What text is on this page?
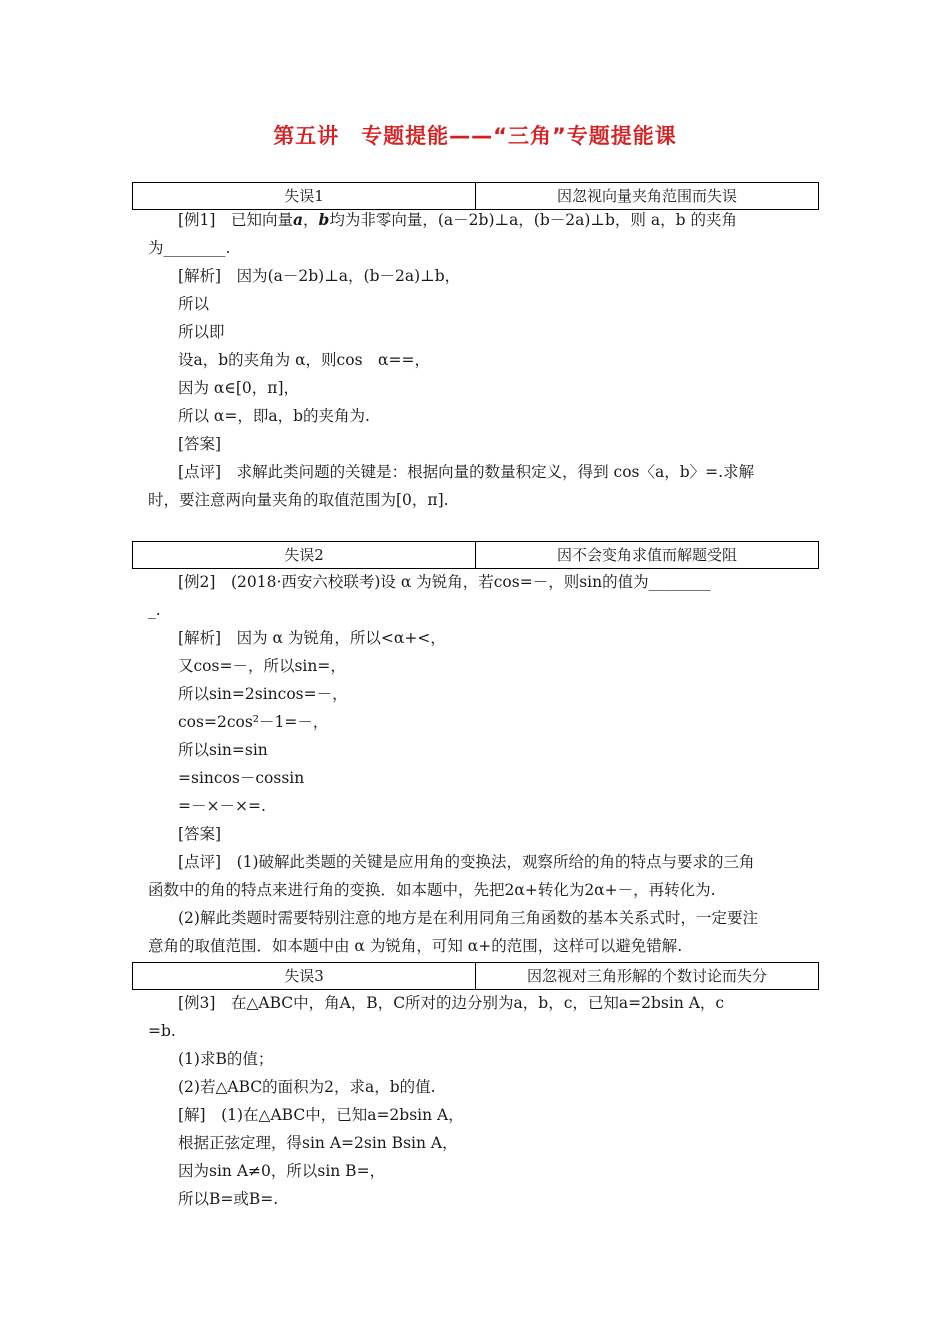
第五讲　专题提能——“三角”专题提能课
失误1	因忽视向量夹角范围而失误
[例1]　已知向量a，b均为非零向量，(a－2b)⊥a，(b－2a)⊥b，则 a，b 的夹角
为________.
[解析]　因为(a－2b)⊥a，(b－2a)⊥b，
所以
所以即
设a，b的夹角为 α，则cos　α==，
因为 α∈[0，π]，
所以 α=，即a，b的夹角为.
[答案]
[点评]　求解此类问题的关键是：根据向量的数量积定义，得到 cos〈a，b〉=.求解
时，要注意两向量夹角的取值范围为[0，π].
失误2	因不会变角求值而解题受阻
[例2]　(2018·西安六校联考)设 α 为锐角，若cos=－，则sin的值为________
_.
[解析]　因为 α 为锐角，所以<α+<，
又cos=－，所以sin=，
所以sin=2sincos=－，
cos=2cos²－1=－，
所以sin=sin
=sincos－cossin
=－×－×=.
[答案]
[点评]　(1)破解此类题的关键是应用角的变换法，观察所给的角的特点与要求的三角
函数中的角的特点来进行角的变换．如本题中，先把2α+转化为2α+－，再转化为.
(2)解此类题时需要特别注意的地方是在利用同角三角函数的基本关系式时，一定要注
意角的取值范围．如本题中由 α 为锐角，可知 α+的范围，这样可以避免错解.
失误3	因忽视对三角形解的个数讨论而失分
[例3]　在△ABC中，角A，B，C所对的边分别为a，b，c，已知a=2bsin A，c
=b.
(1)求B的值；
(2)若△ABC的面积为2，求a，b的值.
[解]　(1)在△ABC中，已知a=2bsin A，
根据正弦定理，得sin A=2sin Bsin A，
因为sin A≠0，所以sin B=，
所以B=或B=.
